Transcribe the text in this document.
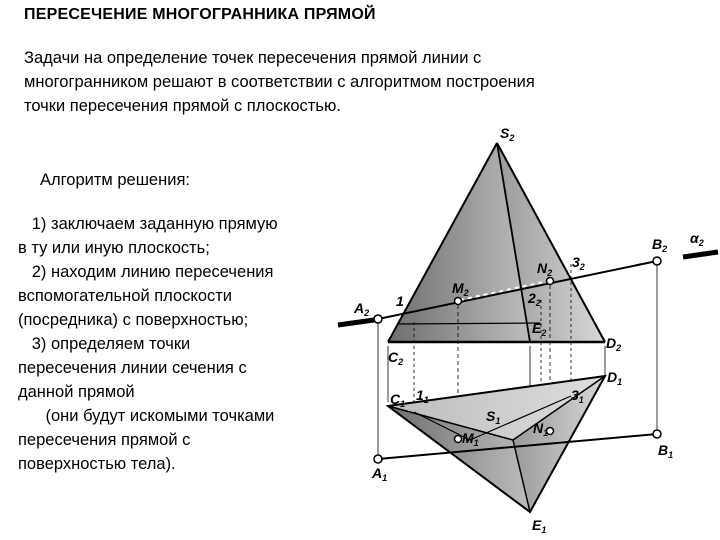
ПЕРЕСЕЧЕНИЕ МНОГОГРАННИКА ПРЯМОЙ
Задачи на определение точек пересечения прямой линии с
многогранником решают в соответствии с алгоритмом построения
точки пересечения прямой с плоскостью.
Алгоритм решения:
1) заключаем заданную прямую
в ту или иную плоскость;
2) находим линию пересечения
вспомогательной плоскости
(посредника) с поверхностью;
3) определяем точки
пересечения линии сечения с
данной прямой
(они будут искомыми точками
пересечения прямой с
поверхностью тела).
$S_2$
$A_2$
$B_2$
$\alpha_2$
$M_2$
$N_2$
$3_2$
1	$2_2$
$E_2$
$C_2$
$D_2$
$D_1$
$C_1$
$1_1$	$3_1$
$S_1$
$M_1$
$N_1$
$B_1$
$A_1$
$E_1$
